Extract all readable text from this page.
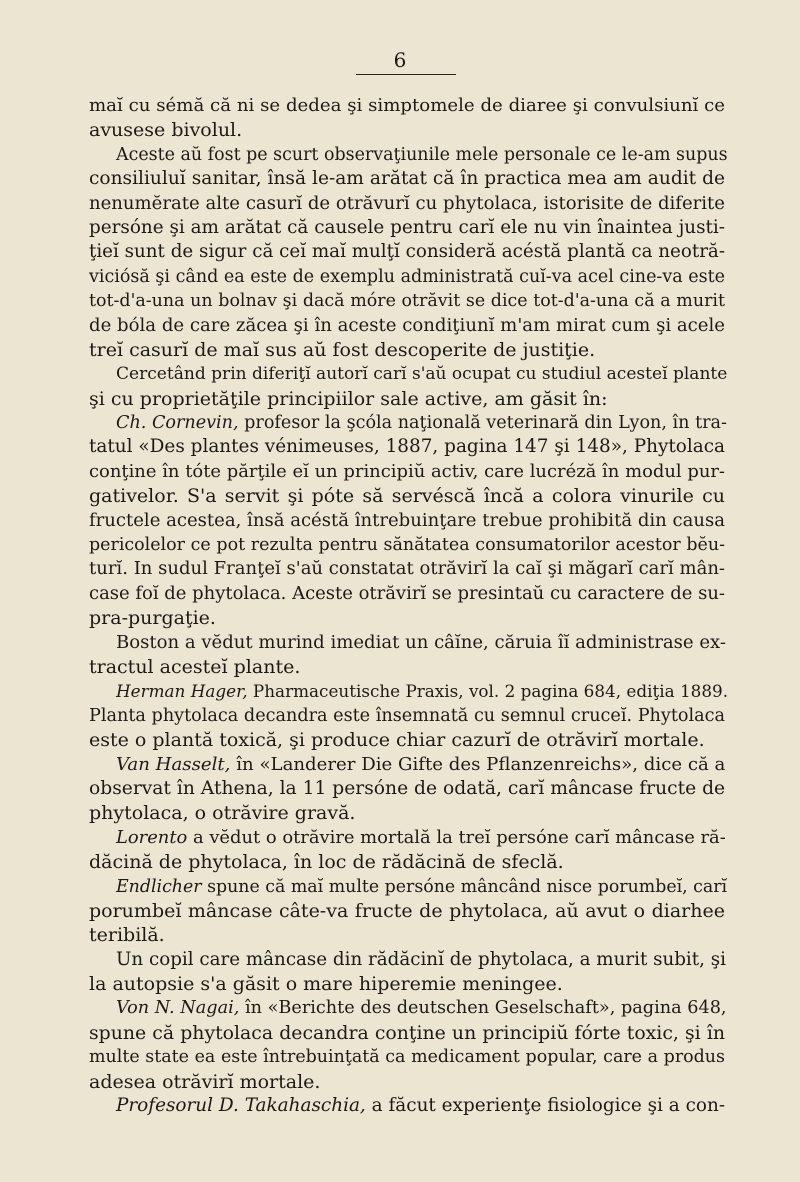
6
maĭ cu sémă că ni se dedea şi simptomele de diaree şi convulsiunĭ ce
avusese bivolul.
Aceste aŭ fost pe scurt observaţiunile mele personale ce le-am supus
consiliuluĭ sanitar, însă le-am arătat că în practica mea am audit de
nenumĕrate alte casurĭ de otrăvurĭ cu phytolaca, istorisite de diferite
persóne şi am arătat că causele pentru carĭ ele nu vin înaintea justi-
ţieĭ sunt de sigur că ceĭ maĭ mulţĭ consideră acéstă plantă ca neotră-
viciósă şi când ea este de exemplu administrată cuĭ-va acel cine-va este
tot-d'a-una un bolnav şi dacă móre otrăvit se dice tot-d'a-una că a murit
de bóla de care zăcea şi în aceste condiţiunĭ m'am mirat cum şi acele
treĭ casurĭ de maĭ sus aŭ fost descoperite de justiţie.
Cercetând prin diferiţĭ autorĭ carĭ s'aŭ ocupat cu studiul acesteĭ plante
şi cu proprietăţile principiilor sale active, am găsit în:
Ch. Cornevin, profesor la şcóla naţională veterinară din Lyon, în tra-
tatul «Des plantes vénimeuses, 1887, pagina 147 şi 148», Phytolaca
conţine în tóte părţile eĭ un principiŭ activ, care lucréză în modul pur-
gativelor. S'a servit şi póte să servéscă încă a colora vinurile cu
fructele acestea, însă acéstă întrebuinţare trebue prohibită din causa
pericolelor ce pot rezulta pentru sănătatea consumatorilor acestor bĕu-
turĭ. In sudul Franţeĭ s'aŭ constatat otrăvirĭ la caĭ şi măgarĭ carĭ mân-
case foĭ de phytolaca. Aceste otrăvirĭ se presintaŭ cu caractere de su-
pra-purgaţie.
Boston a vĕdut murind imediat un câĭne, căruia îĭ administrase ex-
tractul acesteĭ plante.
Herman Hager, Pharmaceutische Praxis, vol. 2 pagina 684, ediţia 1889.
Planta phytolaca decandra este însemnată cu semnul cruceĭ. Phytolaca
este o plantă toxică, şi produce chiar cazurĭ de otrăvirĭ mortale.
Van Hasselt, în «Landerer Die Gifte des Pflanzenreichs», dice că a
observat în Athena, la 11 persóne de odată, carĭ mâncase fructe de
phytolaca, o otrăvire gravă.
Lorento a vĕdut o otrăvire mortală la treĭ persóne carĭ mâncase ră-
dăcină de phytolaca, în loc de rădăcină de sfeclă.
Endlicher spune că maĭ multe persóne mâncând nisce porumbeĭ, carĭ
porumbeĭ mâncase câte-va fructe de phytolaca, aŭ avut o diarhee
teribilă.
Un copil care mâncase din rădăcinĭ de phytolaca, a murit subit, şi
la autopsie s'a găsit o mare hiperemie meningee.
Von N. Nagai, în «Berichte des deutschen Geselschaft», pagina 648,
spune că phytolaca decandra conţine un principiŭ fórte toxic, şi în
multe state ea este întrebuinţată ca medicament popular, care a produs
adesea otrăvirĭ mortale.
Profesorul D. Takahaschia, a făcut experienţe fisiologice şi a con-
